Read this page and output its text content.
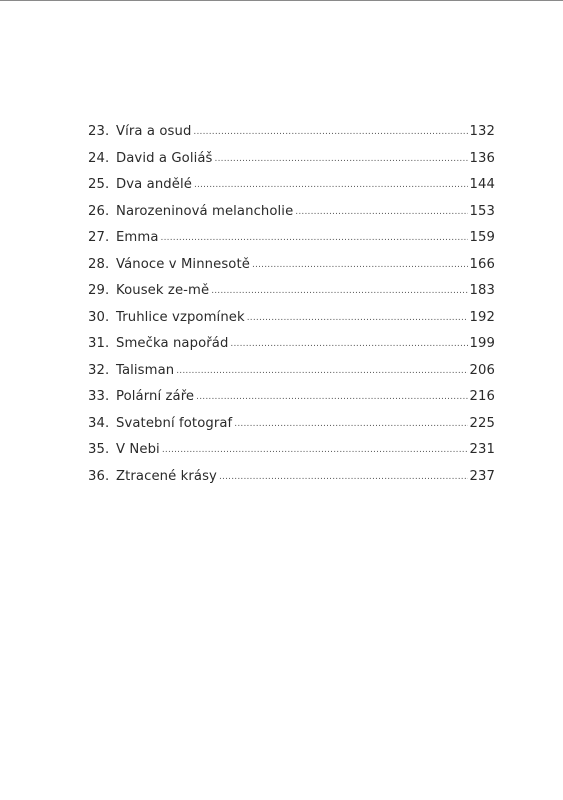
23. Víra a osud .....	132
24. David a Goliáš .....	136
25. Dva andělé .....	144
26. Narozeninová melancholie .....	153
27. Emma .....	159
28. Vánoce v Minnesotě .....	166
29. Kousek ze-mě .....	183
30. Truhlice vzpomínek .....	192
31. Smečka napořád .....	199
32. Talisman .....	206
33. Polární záře .....	216
34. Svatební fotograf .....	225
35. V Nebi .....	231
36. Ztracené krásy .....	237
